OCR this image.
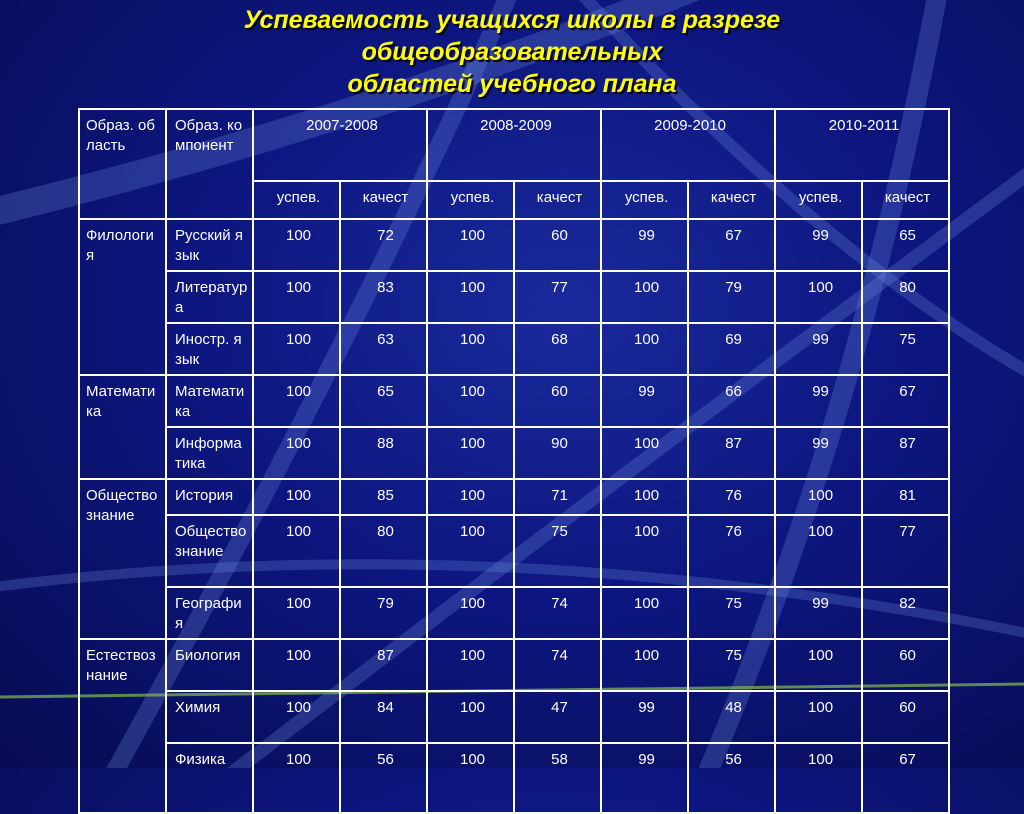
Успеваемость учащихся школы в разрезе
общеобразовательных
областей учебного плана
Образ. область	Образ. компонент	2007-2008		2008-2009		2009-2010		2010-2011	
		успев.	качест	успев.	качест	успев.	качест	успев.	качест
Филология	Русский язык	100	72	100	60	99	67	99	65
	Литература	100	83	100	77	100	79	100	80
	Иностр. язык	100	63	100	68	100	69	99	75
Математика	Математика	100	65	100	60	99	66	99	67
	Информатика	100	88	100	90	100	87	99	87
Обществознание	История	100	85	100	71	100	76	100	81
	Обществознание	100	80	100	75	100	76	100	77
	География	100	79	100	74	100	75	99	82
Естествознание	Биология	100	87	100	74	100	75	100	60
	Химия	100	84	100	47	99	48	100	60
	Физика	100	56	100	58	99	56	100	67
